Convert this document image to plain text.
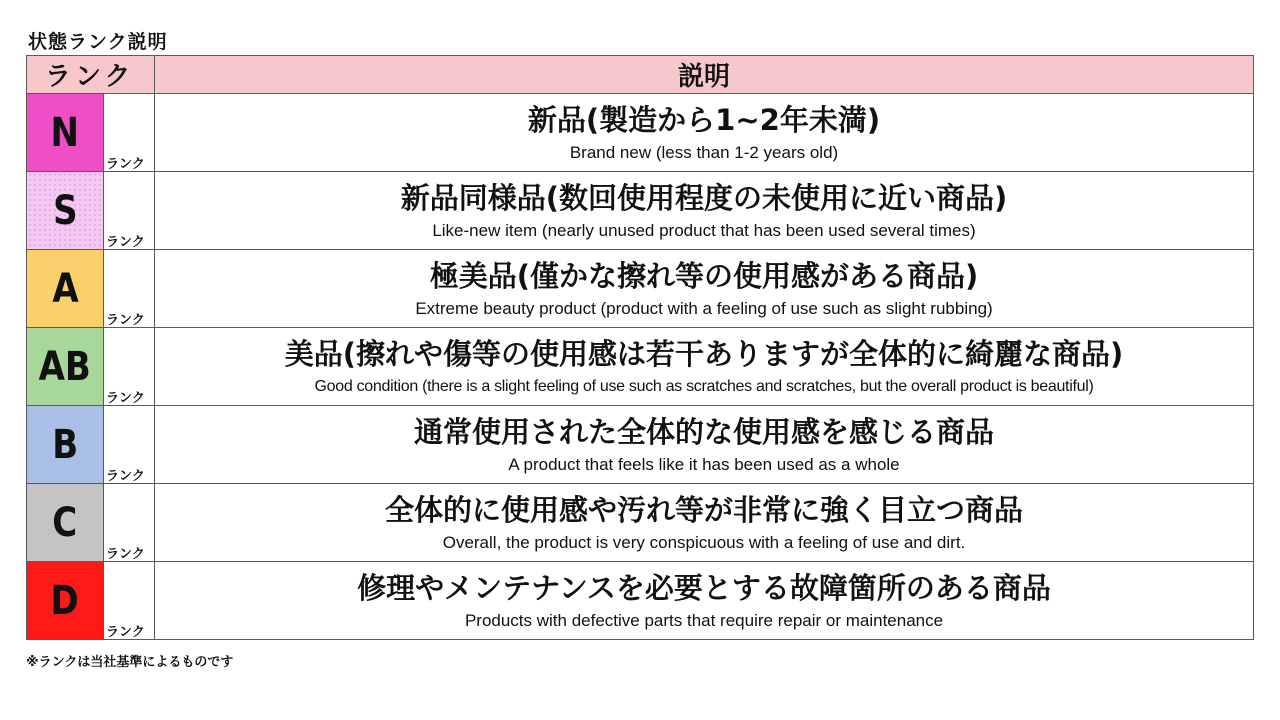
状態ランク説明
ランク		説明
N	ランク	新品(製造から1~2年未満)
Brand new (less than 1-2 years old)

S	ランク	新品同様品(数回使用程度の未使用に近い商品)
Like-new item (nearly unused product that has been used several times)

A	ランク	極美品(僅かな擦れ等の使用感がある商品)
Extreme beauty product (product with a feeling of use such as slight rubbing)

AB	ランク	美品(擦れや傷等の使用感は若干ありますが全体的に綺麗な商品)
Good condition (there is a slight feeling of use such as scratches and scratches, but the overall product is beautiful)

B	ランク	通常使用された全体的な使用感を感じる商品
A product that feels like it has been used as a whole

C	ランク	全体的に使用感や汚れ等が非常に強く目立つ商品
Overall, the product is very conspicuous with a feeling of use and dirt.

D	ランク	修理やメンテナンスを必要とする故障箇所のある商品
Products with defective parts that require repair or maintenance
※ランクは当社基準によるものです
